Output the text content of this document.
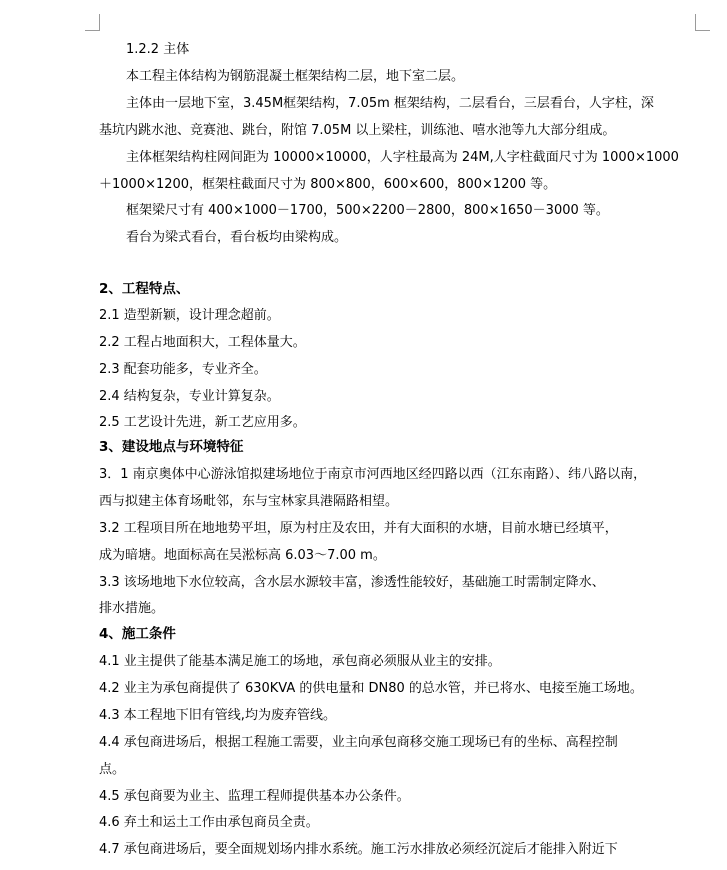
1.2.2 主体
本工程主体结构为钢筋混凝土框架结构二层，地下室二层。
主体由一层地下室，3.45M框架结构，7.05m 框架结构，二层看台，三层看台，人字柱，深
基坑内跳水池、竞赛池、跳台，附馆 7.05M 以上梁柱，训练池、嘻水池等九大部分组成。
主体框架结构柱网间距为 10000×10000，人字柱最高为 24M,人字柱截面尺寸为 1000×1000
＋1000×1200，框架柱截面尺寸为 800×800，600×600，800×1200 等。
框架梁尺寸有 400×1000－1700，500×2200－2800，800×1650－3000 等。
看台为梁式看台，看台板均由梁构成。
2、工程特点、
2.1 造型新颖，设计理念超前。
2.2 工程占地面积大，工程体量大。
2.3 配套功能多，专业齐全。
2.4 结构复杂，专业计算复杂。
2.5 工艺设计先进，新工艺应用多。
3、建设地点与环境特征
3．1 南京奥体中心游泳馆拟建场地位于南京市河西地区经四路以西（江东南路）、纬八路以南，
西与拟建主体育场毗邻，东与宝林家具港隔路相望。
3.2 工程项目所在地地势平坦，原为村庄及农田，并有大面积的水塘，目前水塘已经填平，
成为暗塘。地面标高在吴淞标高 6.03～7.00 m。
3.3 该场地地下水位较高，含水层水源较丰富，渗透性能较好，基础施工时需制定降水、
排水措施。
4、施工条件
4.1 业主提供了能基本满足施工的场地，承包商必须服从业主的安排。
4.2 业主为承包商提供了 630KVA 的供电量和 DN80 的总水管，并已将水、电接至施工场地。
4.3 本工程地下旧有管线,均为废弃管线。
4.4 承包商进场后，根据工程施工需要，业主向承包商移交施工现场已有的坐标、高程控制
点。
4.5 承包商要为业主、监理工程师提供基本办公条件。
4.6 弃土和运土工作由承包商员全责。
4.7 承包商进场后，要全面规划场内排水系统。施工污水排放必须经沉淀后才能排入附近下
